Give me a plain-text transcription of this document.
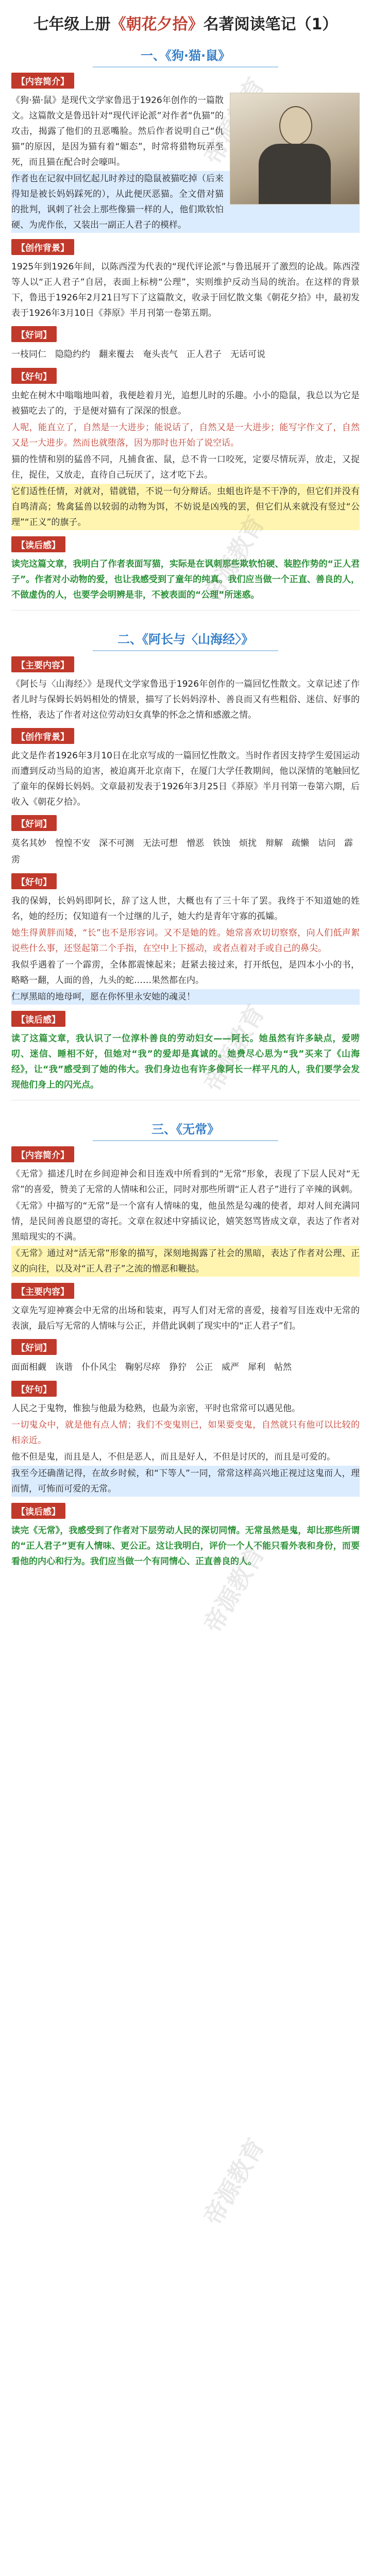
帝源教育
帝源教育
帝源教育
帝源教育
七年级上册《朝花夕拾》名著阅读笔记（1）
一、《狗·猫·鼠》
【内容简介】

《狗·猫·鼠》是现代文学家鲁迅于1926年创作的一篇散文。这篇散文是鲁迅针对“现代评论派”对作者“仇猫”的攻击，揭露了他们的丑恶嘴脸。然后作者说明自己“仇猫”的原因，是因为猫有着“媚态”，时常将猎物玩弄至死，而且猫在配合时会嚎叫。

作者也在记叙中回忆起儿时养过的隐鼠被猫吃掉（后来得知是被长妈妈踩死的），从此便厌恶猫。全文借对猫的批判，讽刺了社会上那些像猫一样的人，他们欺软怕硬、为虎作伥，又装出一副正人君子的模样。

【创作背景】
1925年到1926年间，以陈西滢为代表的“现代评论派”与鲁迅展开了激烈的论战。陈西滢等人以“正人君子”自居，表面上标榜“公理”，实则维护反动当局的统治。在这样的背景下，鲁迅于1926年2月21日写下了这篇散文，收录于回忆散文集《朝花夕拾》中，最初发表于1926年3月10日《莽原》半月刊第一卷第五期。
【好词】
一枝同仁　隐隐约约　翻来覆去　奄头丧气　正人君子　无话可说
【好句】

虫蛇在树木中嗡嗡地叫着，我便趁着月光，追想儿时的乐趣。小小的隐鼠，我总以为它是被猫吃去了的，于是便对猫有了深深的恨意。

人呢，能直立了，自然是一大进步；能说话了，自然又是一大进步；能写字作文了，自然又是一大进步。然而也就堕落，因为那时也开始了说空话。

猫的性情和别的猛兽不同，凡捕食雀、鼠，总不肯一口咬死，定要尽情玩弄，放走，又捉住，捉住，又放走，直待自己玩厌了，这才吃下去。

它们适性任情，对就对，错就错，不说一句分辩话。虫蛆也许是不干净的，但它们并没有自鸣清高；鸷禽猛兽以较弱的动物为饵，不妨说是凶残的罢，但它们从来就没有竖过“公理”“正义”的旗子。

【读后感】
读完这篇文章，我明白了作者表面写猫，实际是在讽刺那些欺软怕硬、装腔作势的“正人君子”。作者对小动物的爱，也让我感受到了童年的纯真。我们应当做一个正直、善良的人，不做虚伪的人，也要学会明辨是非，不被表面的“公理”所迷惑。
二、《阿长与〈山海经〉》
【主要内容】
《阿长与〈山海经〉》是现代文学家鲁迅于1926年创作的一篇回忆性散文。文章记述了作者儿时与保姆长妈妈相处的情景，描写了长妈妈淳朴、善良而又有些粗俗、迷信、好事的性格，表达了作者对这位劳动妇女真挚的怀念之情和感激之情。
【创作背景】
此文是作者1926年3月10日在北京写成的一篇回忆性散文。当时作者因支持学生爱国运动而遭到反动当局的迫害，被迫离开北京南下，在厦门大学任教期间，他以深情的笔触回忆了童年的保姆长妈妈。文章最初发表于1926年3月25日《莽原》半月刊第一卷第六期，后收入《朝花夕拾》。
【好词】
莫名其妙　惶惶不安　深不可测　无法可想　憎恶　铁蚀　烦扰　辩解　疏懒　诘问　霹雳
【好句】

我的保姆，长妈妈即阿长，辞了这人世，大概也有了三十年了罢。我终于不知道她的姓名，她的经历；仅知道有一个过继的儿子，她大约是青年守寡的孤孀。

她生得黄胖而矮，“长”也不是形容词。又不是她的姓。她常喜欢切切察察，向人们低声絮说些什么事，还竖起第二个手指，在空中上下摇动，或者点着对手或自己的鼻尖。

我似乎遇着了一个霹雳，全体都震悚起来；赶紧去接过来，打开纸包，是四本小小的书，略略一翻，人面的兽，九头的蛇……果然都在内。

仁厚黑暗的地母呵，愿在你怀里永安她的魂灵！

【读后感】
读了这篇文章，我认识了一位淳朴善良的劳动妇女——阿长。她虽然有许多缺点，爱唠叨、迷信、睡相不好，但她对“我”的爱却是真诚的。她费尽心思为“我”买来了《山海经》，让“我”感受到了她的伟大。我们身边也有许多像阿长一样平凡的人，我们要学会发现他们身上的闪光点。
三、《无常》
【内容简介】

《无常》描述几时在乡间迎神会和目连戏中所看到的“无常”形象，表现了下层人民对“无常”的喜爱，赞美了无常的人情味和公正，同时对那些所谓“正人君子”进行了辛辣的讽刺。

《无常》中描写的“无常”是一个富有人情味的鬼，他虽然是勾魂的使者，却对人间充满同情，是民间善良愿望的寄托。文章在叙述中穿插议论，嬉笑怒骂皆成文章，表达了作者对黑暗现实的不满。

《无常》通过对“活无常”形象的描写，深刻地揭露了社会的黑暗，表达了作者对公理、正义的向往，以及对“正人君子”之流的憎恶和鞭挞。

【主要内容】
文章先写迎神赛会中无常的出场和装束，再写人们对无常的喜爱，接着写目连戏中无常的表演，最后写无常的人情味与公正，并借此讽刺了现实中的“正人君子”们。
【好词】
面面相觑　诙谐　仆仆风尘　鞠躬尽瘁　狰狞　公正　威严　犀利　帖然
【好句】

人民之于鬼物，惟独与他最为稔熟，也最为亲密，平时也常常可以遇见他。

一切鬼众中，就是他有点人情；我们不变鬼则已，如果要变鬼，自然就只有他可以比较的相亲近。

他不但是鬼，而且是人，不但是恶人，而且是好人，不但是讨厌的，而且是可爱的。

我至今还确凿记得，在故乡时候，和“下等人”一同，常常这样高兴地正视过这鬼而人，理而情，可怖而可爱的无常。

【读后感】
读完《无常》，我感受到了作者对下层劳动人民的深切同情。无常虽然是鬼，却比那些所谓的“正人君子”更有人情味、更公正。这让我明白，评价一个人不能只看外表和身份，而要看他的内心和行为。我们应当做一个有同情心、正直善良的人。
